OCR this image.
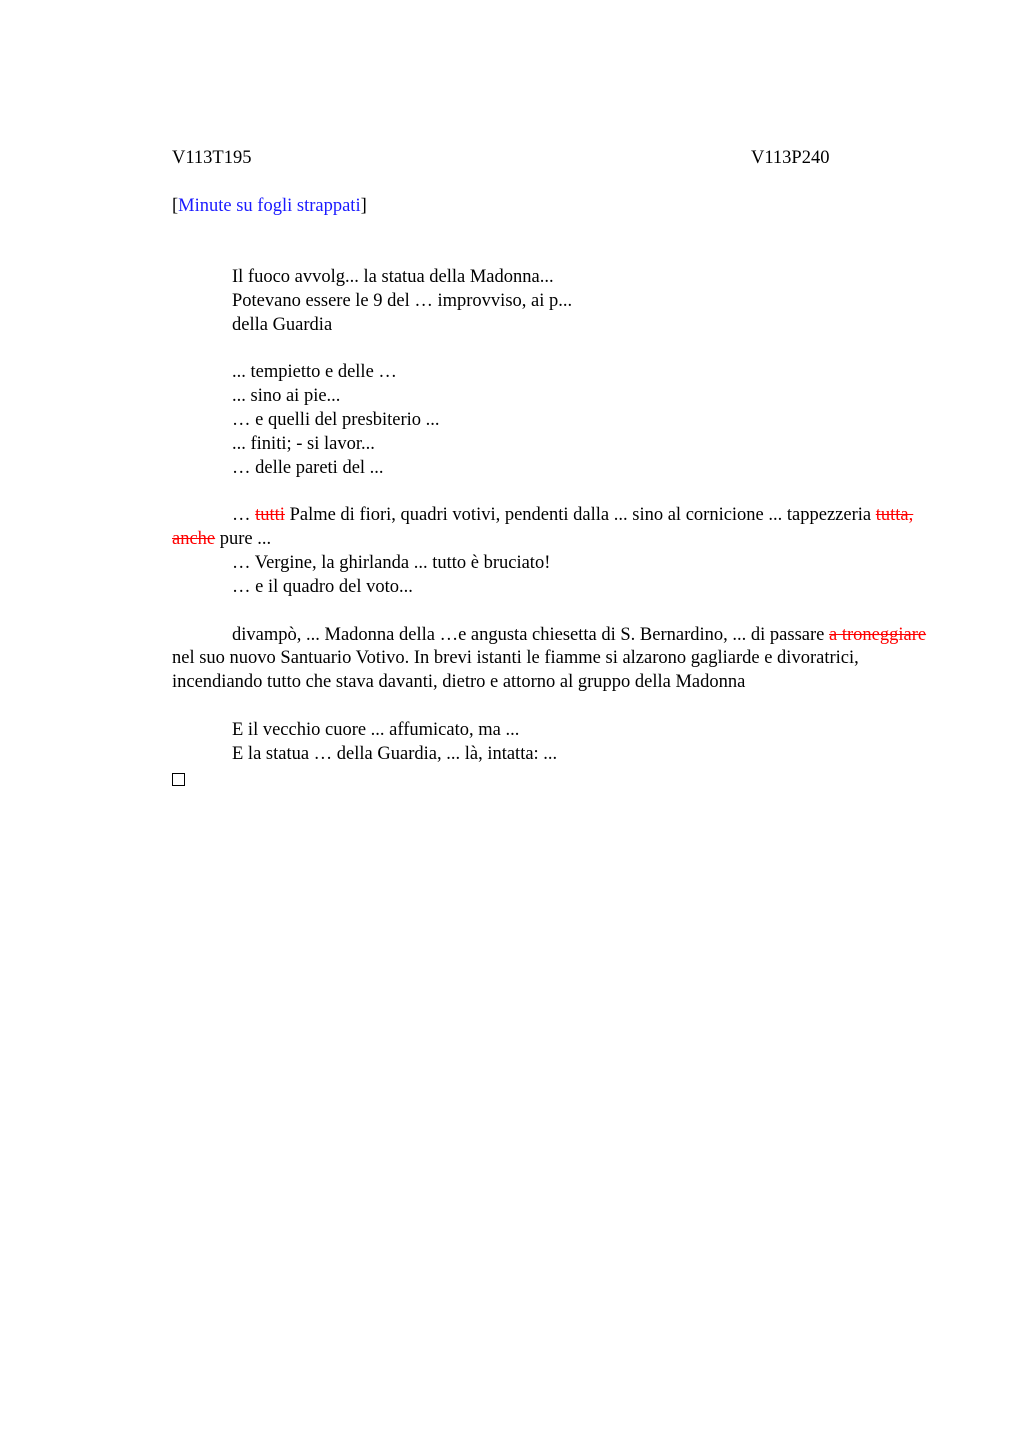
V113T195	V113P240
[Minute su fogli strappati]

Il fuoco avvolg... la statua della Madonna...

Potevano essere le 9 del … improvviso, ai p...

della Guardia

... tempietto e delle …

... sino ai pie...

… e quelli del presbiterio ...

... finiti; - si lavor...

… delle pareti del ...

… tutti Palme di fiori, quadri votivi, pendenti dalla ... sino al cornicione ... tappezzeria tutta, anche pure ...

… Vergine, la ghirlanda ... tutto è bruciato!

… e il quadro del voto...

divampò, ... Madonna della …e angusta chiesetta di S. Bernardino, ... di passare a troneggiare nel suo nuovo Santuario Votivo. In brevi istanti le fiamme si alzarono gagliarde e divoratrici, incendiando tutto che stava davanti, dietro e attorno al gruppo della Madonna

E il vecchio cuore ... affumicato, ma ...

E la statua … della Guardia, ... là, intatta: ...
